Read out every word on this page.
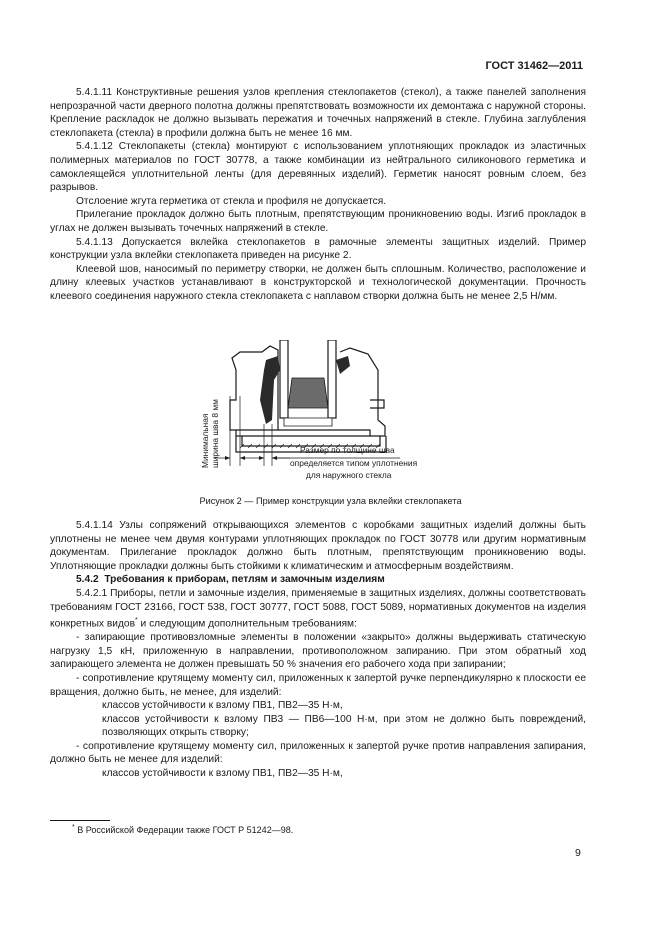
ГОСТ 31462—2011

5.4.1.11 Конструктивные решения узлов крепления стеклопакетов (стекол), а также панелей заполнения непрозрачной части дверного полотна должны препятствовать возможности их демонтажа с наружной стороны. Крепление раскладок не должно вызывать пережатия и точечных напряжений в стекле. Глубина заглубления стеклопакета (стекла) в профили должна быть не менее 16 мм.

5.4.1.12 Стеклопакеты (стекла) монтируют с использованием уплотняющих прокладок из эластичных полимерных материалов по ГОСТ 30778, а также комбинации из нейтрального силиконового герметика и самоклеящейся уплотнительной ленты (для деревянных изделий). Герметик наносят ровным слоем, без разрывов.

Отслоение жгута герметика от стекла и профиля не допускается.

Прилегание прокладок должно быть плотным, препятствующим проникновению воды. Изгиб прокладок в углах не должен вызывать точечных напряжений в стекле.

5.4.1.13 Допускается вклейка стеклопакетов в рамочные элементы защитных изделий. Пример конструкции узла вклейки стеклопакета приведен на рисунке 2.

Клеевой шов, наносимый по периметру створки, не должен быть сплошным. Количество, расположение и длину клеевых участков устанавливают в конструкторской и технологической документации. Прочность клеевого соединения наружного стекла стеклопакета с наплавом створки должна быть не менее 2,5 Н/мм.

Минимальная ширина шва 8 мм	Размер по толщине шва
определяется типом уплотнения
для наружного стекла
Рисунок 2 — Пример конструкции узла вклейки стеклопакета

5.4.1.14 Узлы сопряжений открывающихся элементов с коробками защитных изделий должны быть уплотнены не менее чем двумя контурами уплотняющих прокладок по ГОСТ 30778 или другим нормативным документам. Прилегание прокладок должно быть плотным, препятствующим проникновению воды. Уплотняющие прокладки должны быть стойкими к климатическим и атмосферным воздействиям.

5.4.2 Требования к приборам, петлям и замочным изделиям

5.4.2.1 Приборы, петли и замочные изделия, применяемые в защитных изделиях, должны соответствовать требованиям ГОСТ 23166, ГОСТ 538, ГОСТ 30777, ГОСТ 5088, ГОСТ 5089, нормативных документов на изделия конкретных видов* и следующим дополнительным требованиям:

- запирающие противовзломные элементы в положении «закрыто» должны выдерживать статическую нагрузку 1,5 кН, приложенную в направлении, противоположном запиранию. При этом обратный ход запирающего элемента не должен превышать 50 % значения его рабочего хода при запирании;

- сопротивление крутящему моменту сил, приложенных к запертой ручке перпендикулярно к плоскости ее вращения, должно быть, не менее, для изделий:

классов устойчивости к взлому ПВ1, ПВ2—35 Н·м,

классов устойчивости к взлому ПВ3 — ПВ6—100 Н·м, при этом не должно быть повреждений, позволяющих открыть створку;

- сопротивление крутящему моменту сил, приложенных к запертой ручке против направления запирания, должно быть не менее для изделий:

классов устойчивости к взлому ПВ1, ПВ2—35 Н·м,

* В Российской Федерации также ГОСТ Р 51242—98.
9
